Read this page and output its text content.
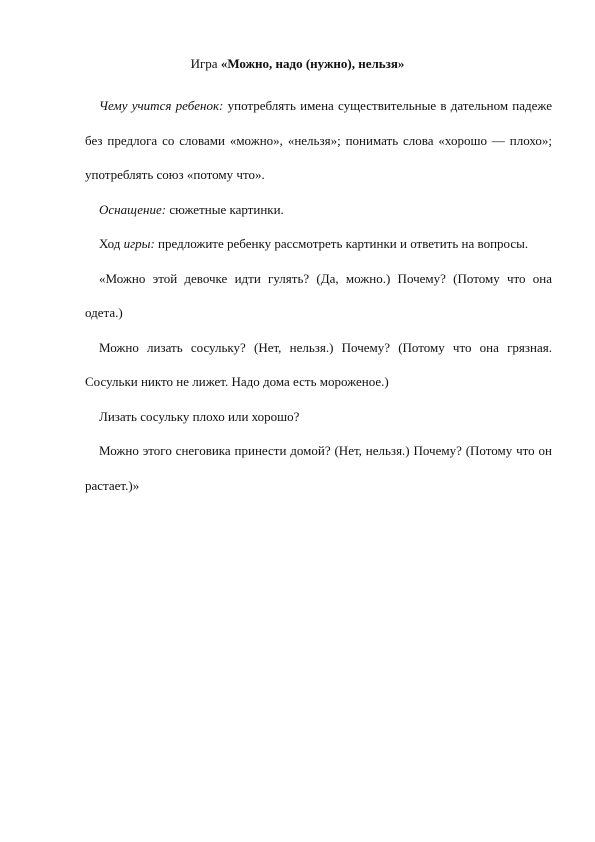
Игра «Можно, надо (нужно), нельзя»

Чему учится ребенок: употреблять имена существительные в дательном падеже без предлога со словами «можно», «нельзя»; понимать слова «хорошо — плохо»; употреблять союз «потому что».

Оснащение: сюжетные картинки.

Ход игры: предложите ребенку рассмотреть картинки и ответить на вопросы.

«Можно этой девочке идти гулять? (Да, можно.) Почему? (Потому что она одета.)

Можно лизать сосульку? (Нет, нельзя.) Почему? (Потому что она грязная. Сосульки никто не лижет. Надо дома есть мороженое.)

Лизать сосульку плохо или хорошо?

Можно этого снеговика принести домой? (Нет, нельзя.) Почему? (Потому что он растает.)»
